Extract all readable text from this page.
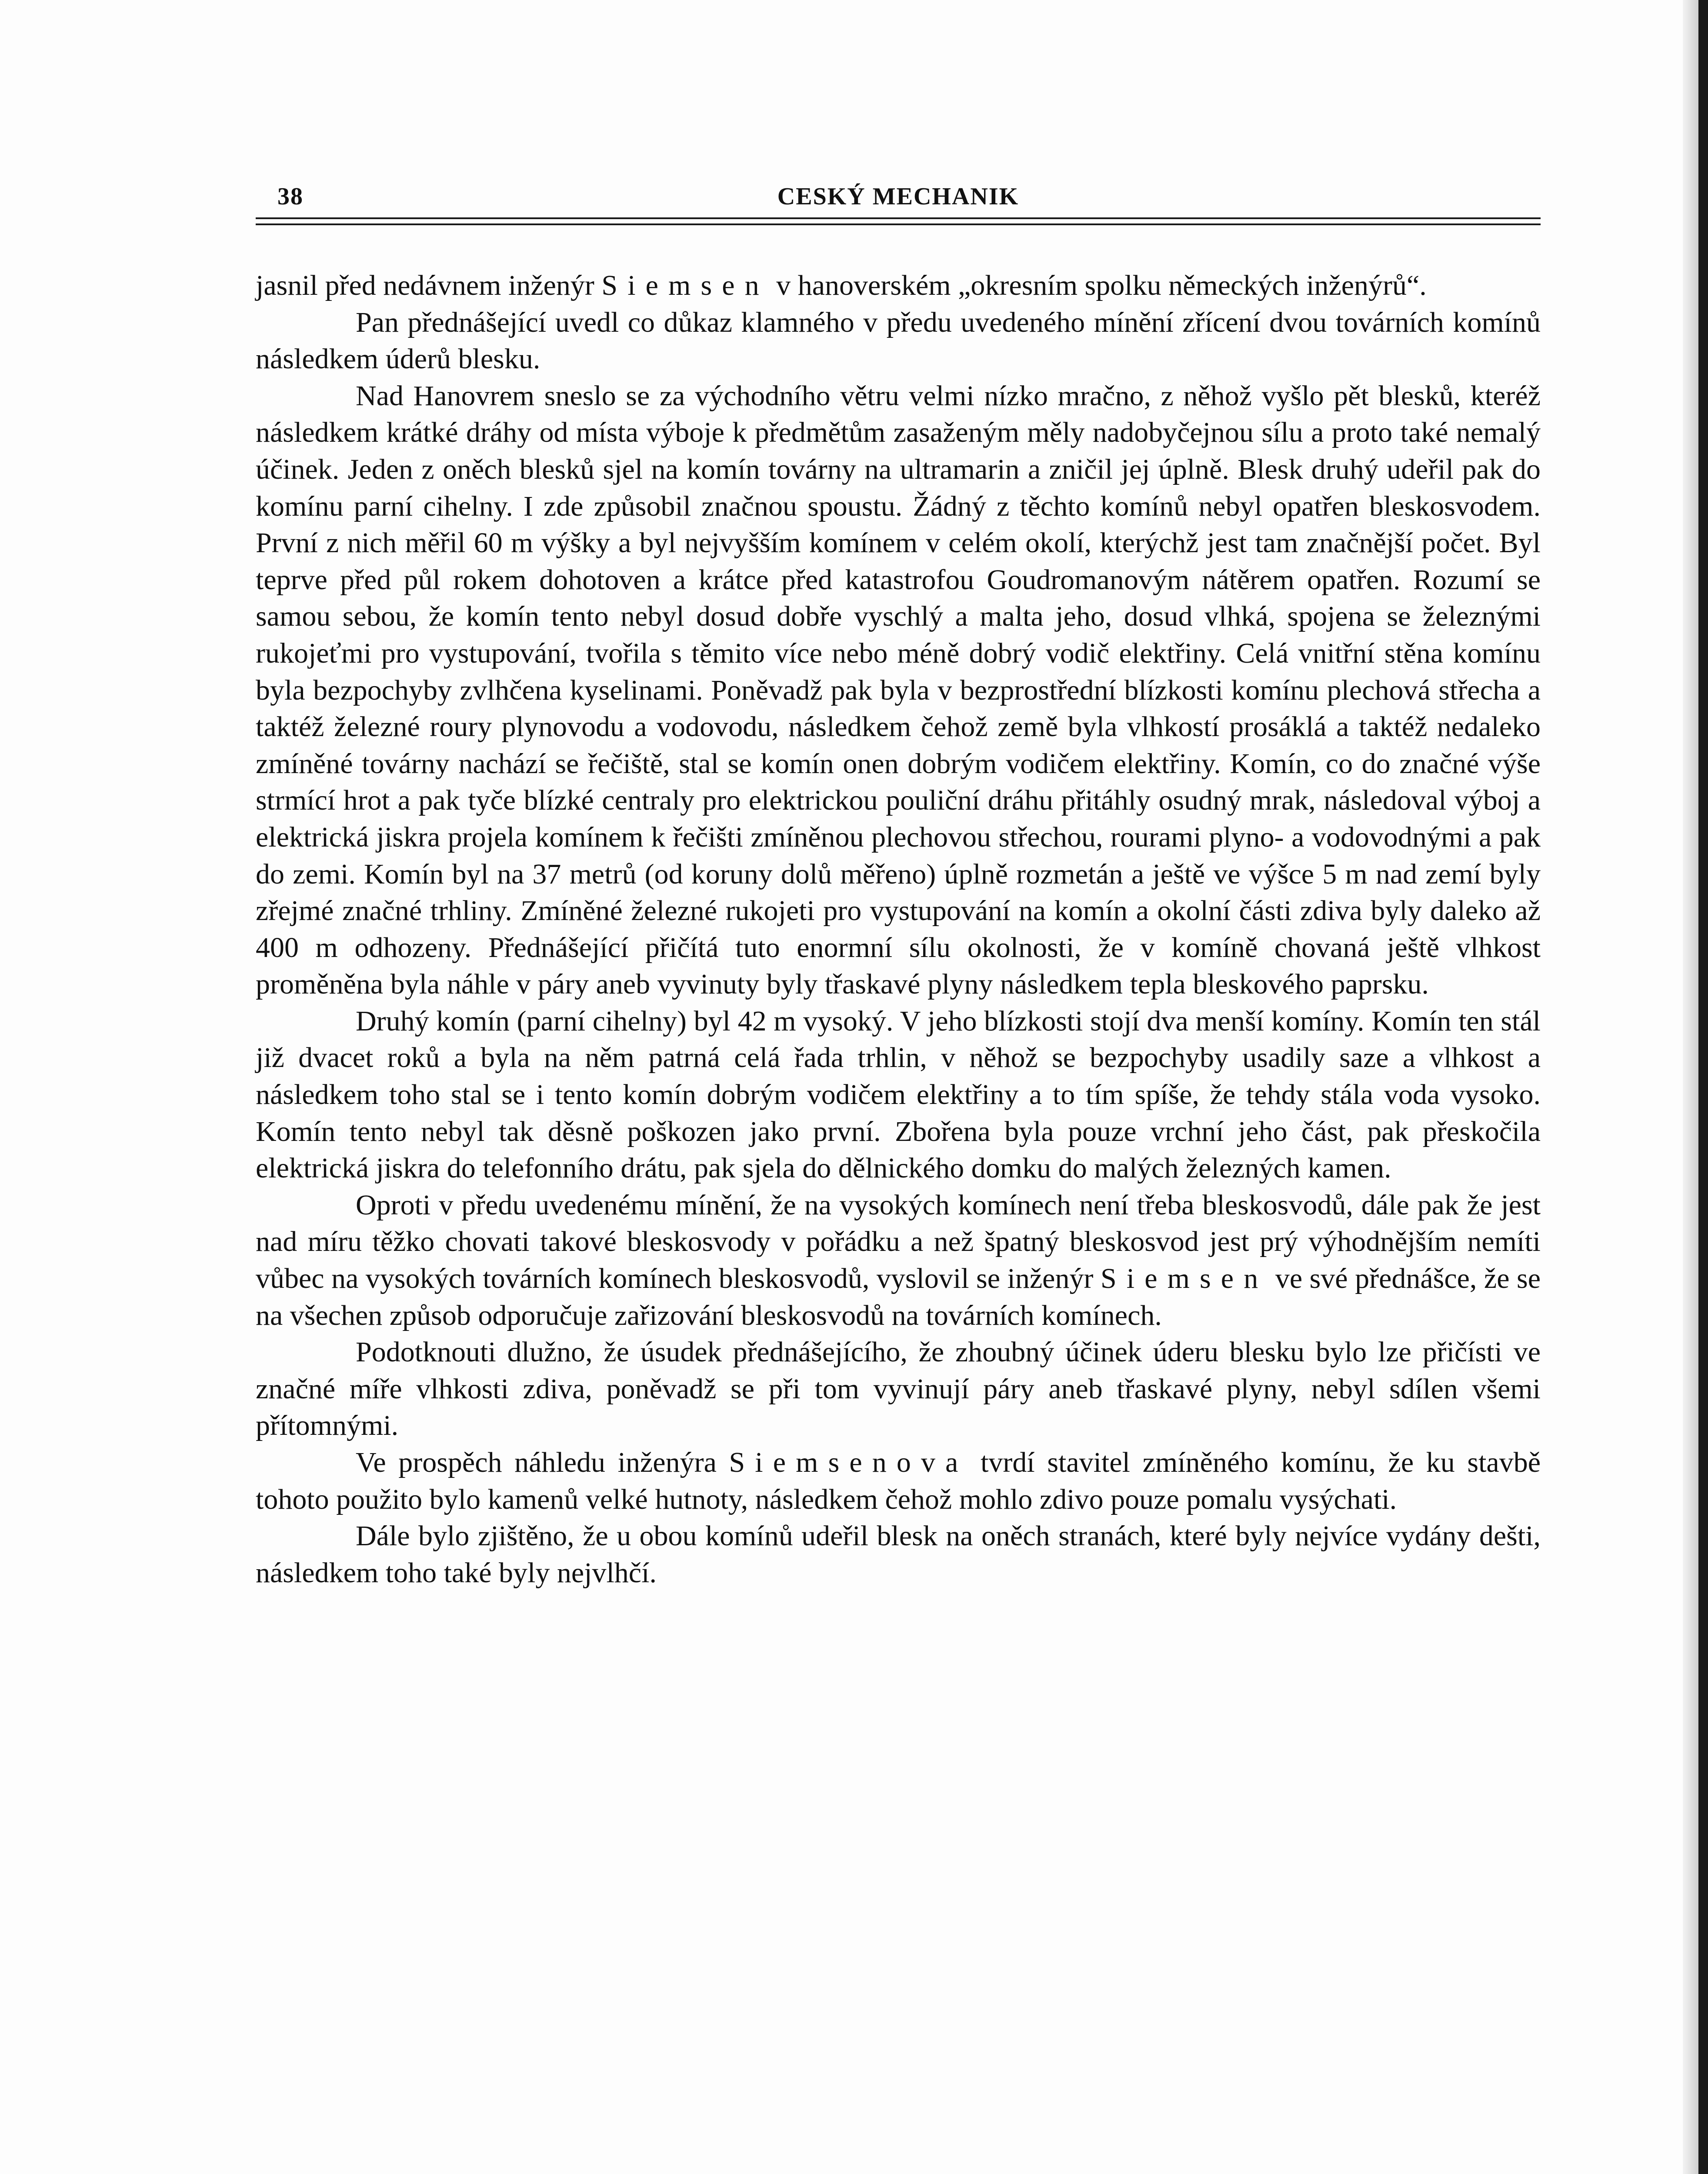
38	CESKÝ MECHANIK

jasnil před nedávnem inženýr Siemsen v hanoverském „okresním spolku německých inženýrů“.

Pan přednášející uvedl co důkaz klamného v předu uvedeného mínění zřícení dvou továrních komínů následkem úderů blesku.

Nad Hanovrem sneslo se za východního větru velmi nízko mračno, z něhož vyšlo pět blesků, kteréž následkem krátké dráhy od místa výboje k předmětům zasaženým měly nadobyčejnou sílu a proto také nemalý účinek. Jeden z oněch blesků sjel na komín továrny na ultramarin a zničil jej úplně. Blesk druhý udeřil pak do komínu parní cihelny. I zde způsobil značnou spoustu. Žádný z těchto komínů nebyl opatřen bleskosvodem. První z nich měřil 60 m výšky a byl nejvyšším komínem v celém okolí, kterýchž jest tam značnější počet. Byl teprve před půl rokem dohotoven a krátce před katastrofou Goudromanovým nátěrem opatřen. Rozumí se samou sebou, že komín tento nebyl dosud dobře vyschlý a malta jeho, dosud vlhká, spojena se železnými rukojeťmi pro vystupování, tvořila s těmito více nebo méně dobrý vodič elektřiny. Celá vnitřní stěna komínu byla bezpochyby zvlhčena kyselinami. Poněvadž pak byla v bezprostřední blízkosti komínu plechová střecha a taktéž železné roury plynovodu a vodovodu, následkem čehož země byla vlhkostí prosáklá a taktéž nedaleko zmíněné továrny nachází se řečiště, stal se komín onen dobrým vodičem elektřiny. Komín, co do značné výše strmící hrot a pak tyče blízké centraly pro elektrickou pouliční dráhu přitáhly osudný mrak, následoval výboj a elektrická jiskra projela komínem k řečišti zmíněnou plechovou střechou, rourami plyno- a vodovodnými a pak do zemi. Komín byl na 37 metrů (od koruny dolů měřeno) úplně rozmetán a ještě ve výšce 5 m nad zemí byly zřejmé značné trhliny. Zmíněné železné rukojeti pro vystupování na komín a okolní části zdiva byly daleko až 400 m odhozeny. Přednášející přičítá tuto enormní sílu okolnosti, že v komíně chovaná ještě vlhkost proměněna byla náhle v páry aneb vyvinuty byly třaskavé plyny následkem tepla bleskového paprsku.

Druhý komín (parní cihelny) byl 42 m vysoký. V jeho blízkosti stojí dva menší komíny. Komín ten stál již dvacet roků a byla na něm patrná celá řada trhlin, v něhož se bezpochyby usadily saze a vlhkost a následkem toho stal se i tento komín dobrým vodičem elektřiny a to tím spíše, že tehdy stála voda vysoko. Komín tento nebyl tak děsně poškozen jako první. Zbořena byla pouze vrchní jeho část, pak přeskočila elektrická jiskra do telefonního drátu, pak sjela do dělnického domku do malých železných kamen.

Oproti v předu uvedenému mínění, že na vysokých komínech není třeba bleskosvodů, dále pak že jest nad míru těžko chovati takové bleskosvody v pořádku a než špatný bleskosvod jest prý výhodnějším nemíti vůbec na vysokých továrních komínech bleskosvodů, vyslovil se inženýr Siemsen ve své přednášce, že se na všechen způsob odporučuje zařizování bleskosvodů na továrních komínech.

Podotknouti dlužno, že úsudek přednášejícího, že zhoubný účinek úderu blesku bylo lze přičísti ve značné míře vlhkosti zdiva, poněvadž se při tom vyvinují páry aneb třaskavé plyny, nebyl sdílen všemi přítomnými.

Ve prospěch náhledu inženýra Siemsenova tvrdí stavitel zmíněného komínu, že ku stavbě tohoto použito bylo kamenů velké hutnoty, následkem čehož mohlo zdivo pouze pomalu vysýchati.

Dále bylo zjištěno, že u obou komínů udeřil blesk na oněch stranách, které byly nejvíce vydány dešti, následkem toho také byly nejvlhčí.
